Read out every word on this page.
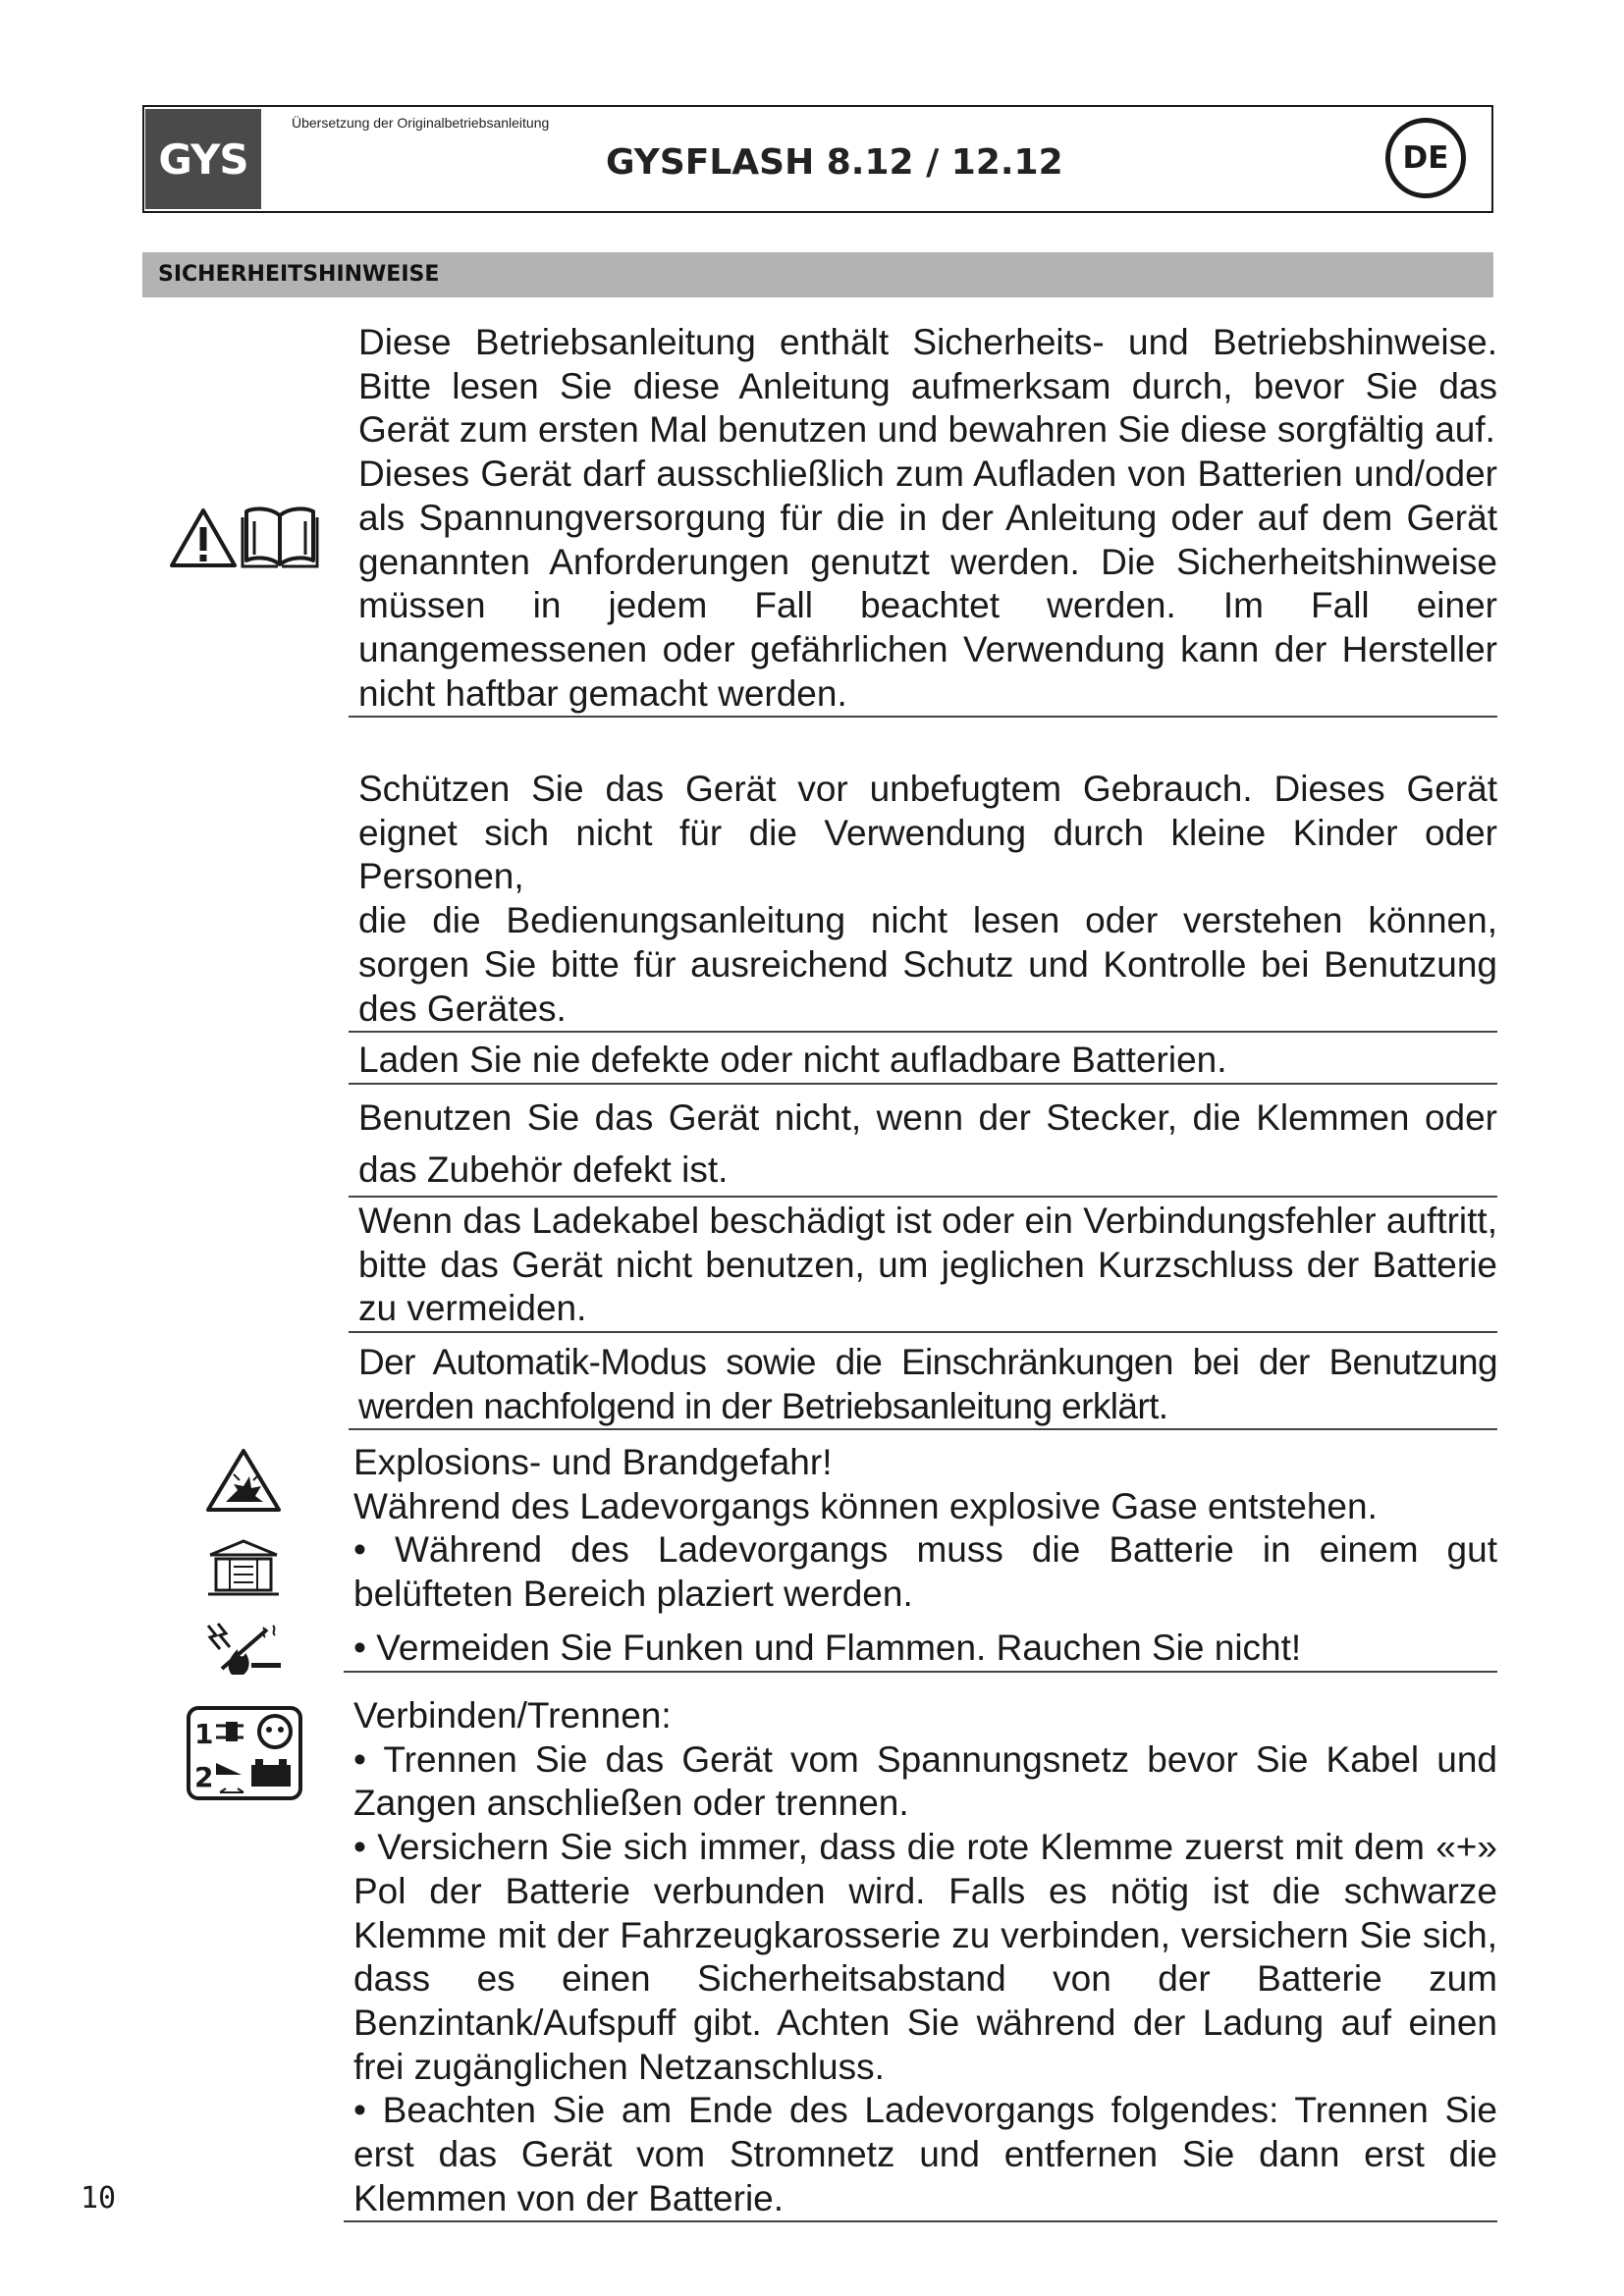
GYS
Übersetzung der Originalbetriebsanleitung
GYSFLASH 8.12 / 12.12	DE
SICHERHEITSHINWEISE
1
2

Diese Betriebsanleitung enthält Sicherheits- und Betriebshinweise. Bitte lesen Sie diese Anleitung aufmerksam durch, bevor Sie das Gerät zum ersten Mal benutzen und bewahren Sie diese sorgfältig auf.

Dieses Gerät darf ausschließlich zum Aufladen von Batterien und/oder als Spannungversorgung für die in der Anleitung oder auf dem Gerät genannten Anforderungen genutzt werden. Die Sicherheitshinweise müssen in jedem Fall beachtet werden. Im Fall einer unangemessenen oder gefährlichen Verwendung kann der Hersteller nicht haftbar gemacht werden.

Schützen Sie das Gerät vor unbefugtem Gebrauch. Dieses Gerät eignet sich nicht für die Verwendung durch kleine Kinder oder Personen,

die die Bedienungsanleitung nicht lesen oder verstehen können, sorgen Sie bitte für ausreichend Schutz und Kontrolle bei Benutzung des Gerätes.

Laden Sie nie defekte oder nicht aufladbare Batterien.

Benutzen Sie das Gerät nicht, wenn der Stecker, die Klemmen oder das Zubehör defekt ist.

Wenn das Ladekabel beschädigt ist oder ein Verbindungsfehler auftritt, bitte das Gerät nicht benutzen, um jeglichen Kurzschluss der Batterie zu vermeiden.

Der Automatik-Modus sowie die Einschränkungen bei der Benutzung werden nachfolgend in der Betriebsanleitung erklärt.

Explosions- und Brandgefahr!

Während des Ladevorgangs können explosive Gase entstehen.

• Während des Ladevorgangs muss die Batterie in einem gut belüfteten Bereich plaziert werden.

• Vermeiden Sie Funken und Flammen. Rauchen Sie nicht!

Verbinden/Trennen:

• Trennen Sie das Gerät vom Spannungsnetz bevor Sie Kabel und Zangen anschließen oder trennen.

• Versichern Sie sich immer, dass die rote Klemme zuerst mit dem «+» Pol der Batterie verbunden wird. Falls es nötig ist die schwarze Klemme mit der Fahrzeugkarosserie zu verbinden, versichern Sie sich, dass es einen Sicherheitsabstand von der Batterie zum Benzintank/Aufspuff gibt. Achten Sie während der Ladung auf einen frei zugänglichen Netzanschluss.

• Beachten Sie am Ende des Ladevorgangs folgendes: Trennen Sie erst das Gerät vom Stromnetz und entfernen Sie dann erst die Klemmen von der Batterie.

10
